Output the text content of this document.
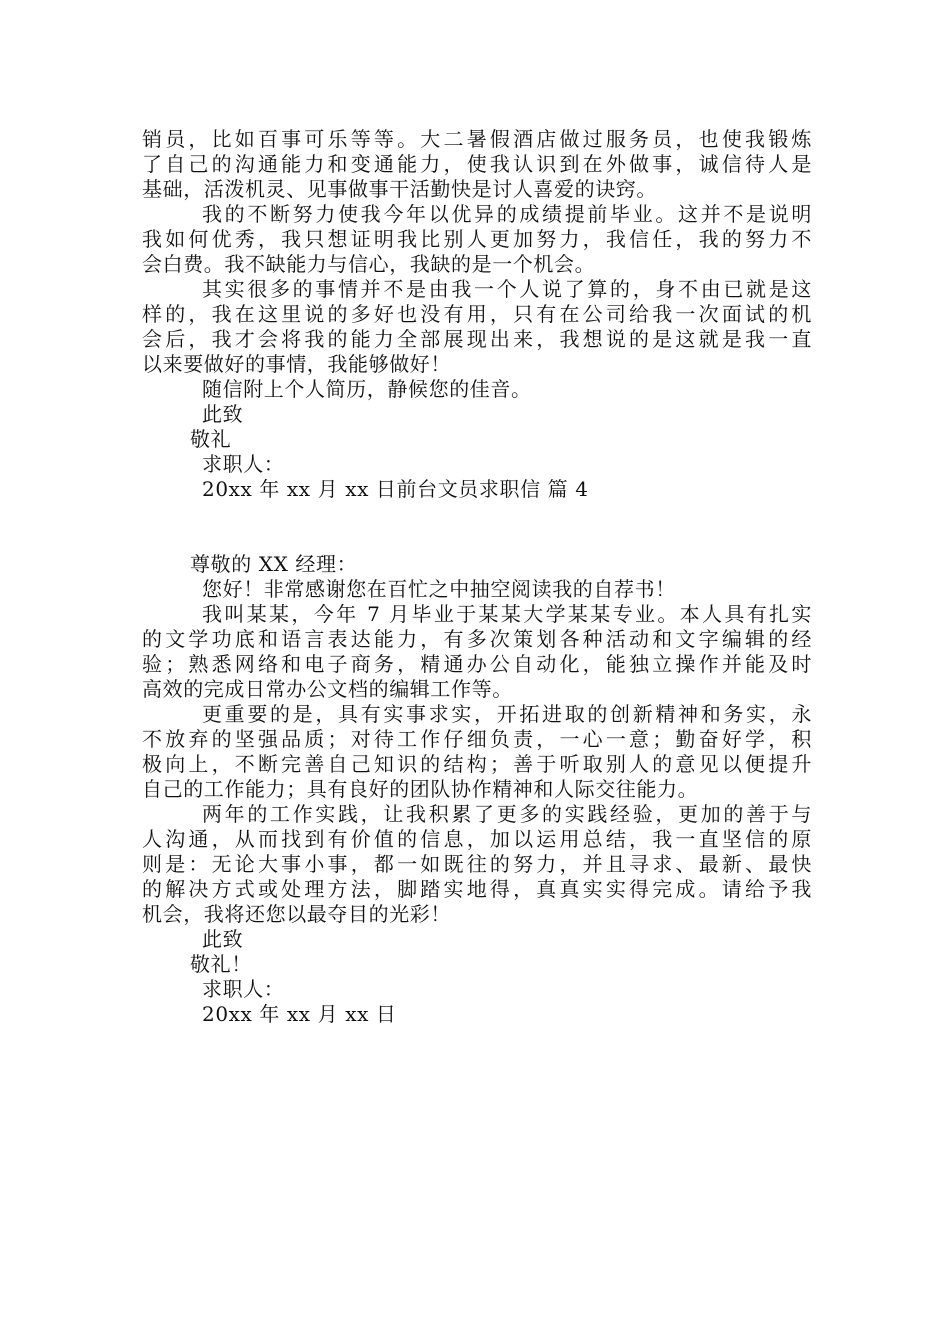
销员，比如百事可乐等等。大二暑假酒店做过服务员，也使我锻炼
了自己的沟通能力和变通能力，使我认识到在外做事，诚信待人是
基础，活泼机灵、见事做事干活勤快是讨人喜爱的诀窍。
我的不断努力使我今年以优异的成绩提前毕业。这并不是说明
我如何优秀，我只想证明我比别人更加努力，我信任，我的努力不
会白费。我不缺能力与信心，我缺的是一个机会。
其实很多的事情并不是由我一个人说了算的，身不由已就是这
样的，我在这里说的多好也没有用，只有在公司给我一次面试的机
会后，我才会将我的能力全部展现出来，我想说的是这就是我一直
以来要做好的事情，我能够做好！
随信附上个人简历，静候您的佳音。
此致
敬礼
求职人：
20xx 年 xx 月 xx 日前台文员求职信 篇 4
尊敬的 XX 经理：
您好！非常感谢您在百忙之中抽空阅读我的自荐书！
我叫某某，今年 7 月毕业于某某大学某某专业。本人具有扎实
的文学功底和语言表达能力，有多次策划各种活动和文字编辑的经
验；熟悉网络和电子商务，精通办公自动化，能独立操作并能及时
高效的完成日常办公文档的编辑工作等。
更重要的是，具有实事求实，开拓进取的创新精神和务实，永
不放弃的坚强品质；对待工作仔细负责，一心一意；勤奋好学，积
极向上，不断完善自己知识的结构；善于听取别人的意见以便提升
自己的工作能力；具有良好的团队协作精神和人际交往能力。
两年的工作实践，让我积累了更多的实践经验，更加的善于与
人沟通，从而找到有价值的信息，加以运用总结，我一直坚信的原
则是：无论大事小事，都一如既往的努力，并且寻求、最新、最快
的解决方式或处理方法，脚踏实地得，真真实实得完成。请给予我
机会，我将还您以最夺目的光彩！
此致
敬礼！
求职人：
20xx 年 xx 月 xx 日
